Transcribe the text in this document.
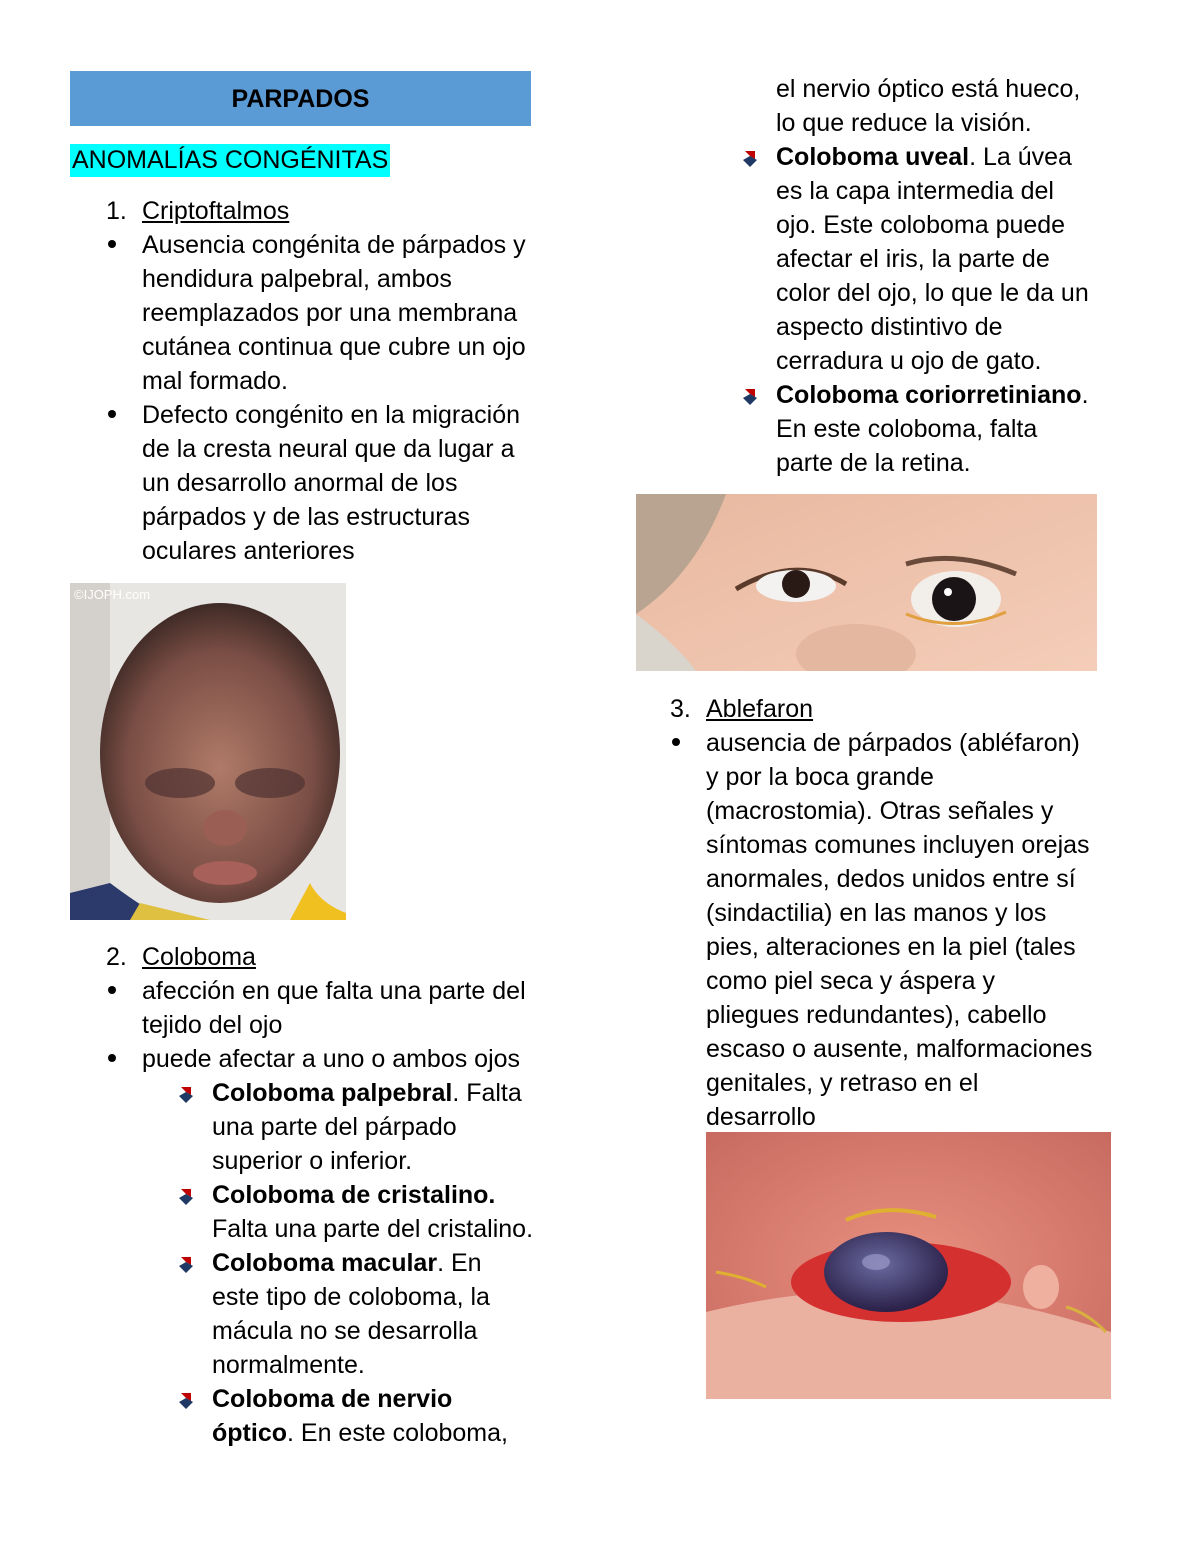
PARPADOS
ANOMALÍAS CONGÉNITAS
1. Criptoftalmos
Ausencia congénita de párpados y
hendidura palpebral, ambos
reemplazados por una membrana
cutánea continua que cubre un ojo
mal formado.
Defecto congénito en la migración
de la cresta neural que da lugar a
un desarrollo anormal de los
párpados y de las estructuras
oculares anteriores
©IJOPH.com
2. Coloboma
afección en que falta una parte del
tejido del ojo
puede afectar a uno o ambos ojos
Coloboma palpebral. Falta
una parte del párpado
superior o inferior.
Coloboma de cristalino.
Falta una parte del cristalino.
Coloboma macular. En
este tipo de coloboma, la
mácula no se desarrolla
normalmente.
Coloboma de nervio
óptico. En este coloboma,
el nervio óptico está hueco,
lo que reduce la visión.
Coloboma uveal. La úvea
es la capa intermedia del
ojo. Este coloboma puede
afectar el iris, la parte de
color del ojo, lo que le da un
aspecto distintivo de
cerradura u ojo de gato.
Coloboma coriorretiniano.
En este coloboma, falta
parte de la retina.
3. Ablefaron
ausencia de párpados (abléfaron)
y por la boca grande
(macrostomia). Otras señales y
síntomas comunes incluyen orejas
anormales, dedos unidos entre sí
(sindactilia) en las manos y los
pies, alteraciones en la piel (tales
como piel seca y áspera y
pliegues redundantes), cabello
escaso o ausente, malformaciones
genitales, y retraso en el
desarrollo
